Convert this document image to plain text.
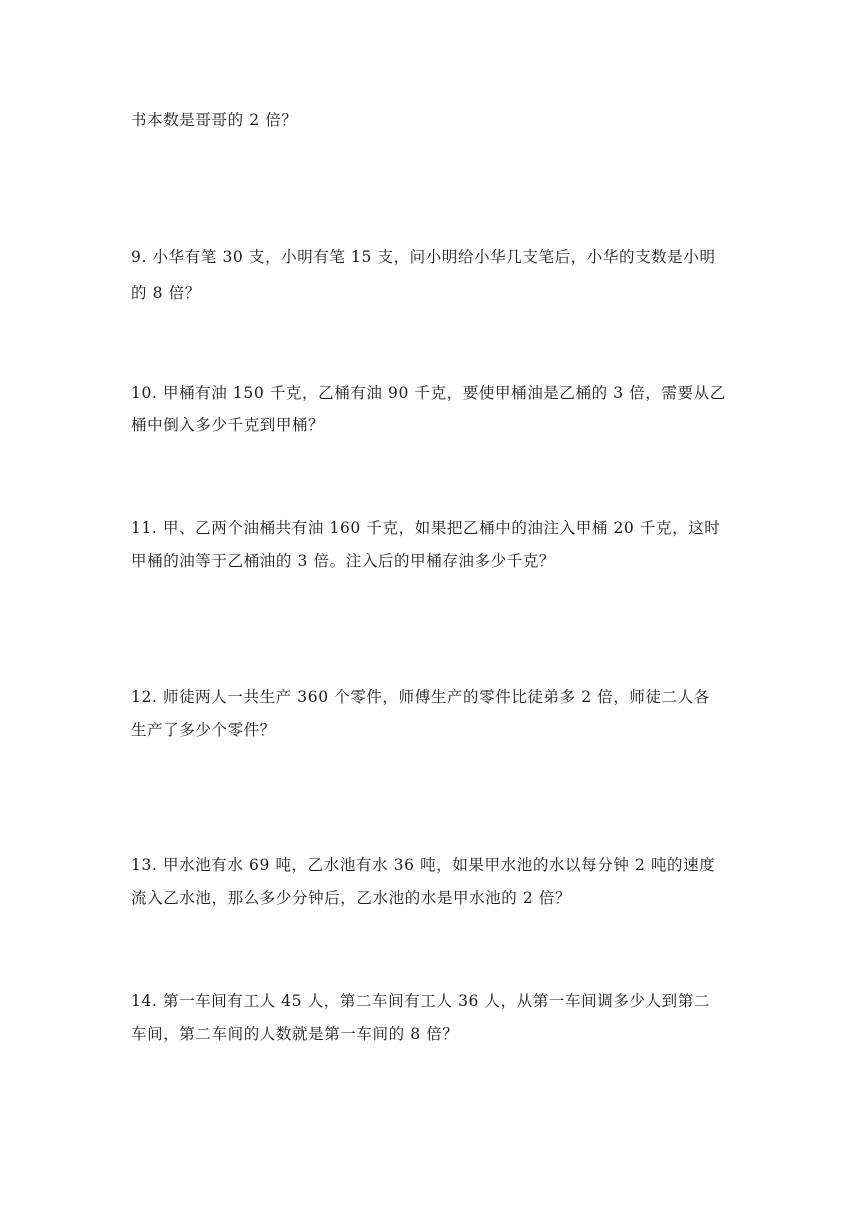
书本数是哥哥的 2 倍？
9. 小华有笔 30 支，小明有笔 15 支，问小明给小华几支笔后，小华的支数是小明
的 8 倍？
10. 甲桶有油 150 千克，乙桶有油 90 千克，要使甲桶油是乙桶的 3 倍，需要从乙
桶中倒入多少千克到甲桶？
11. 甲、乙两个油桶共有油 160 千克，如果把乙桶中的油注入甲桶 20 千克，这时
甲桶的油等于乙桶油的 3 倍。注入后的甲桶存油多少千克？
12. 师徒两人一共生产 360 个零件，师傅生产的零件比徒弟多 2 倍，师徒二人各
生产了多少个零件？
13. 甲水池有水 69 吨，乙水池有水 36 吨，如果甲水池的水以每分钟 2 吨的速度
流入乙水池，那么多少分钟后，乙水池的水是甲水池的 2 倍？
14. 第一车间有工人 45 人，第二车间有工人 36 人，从第一车间调多少人到第二
车间，第二车间的人数就是第一车间的 8 倍？
